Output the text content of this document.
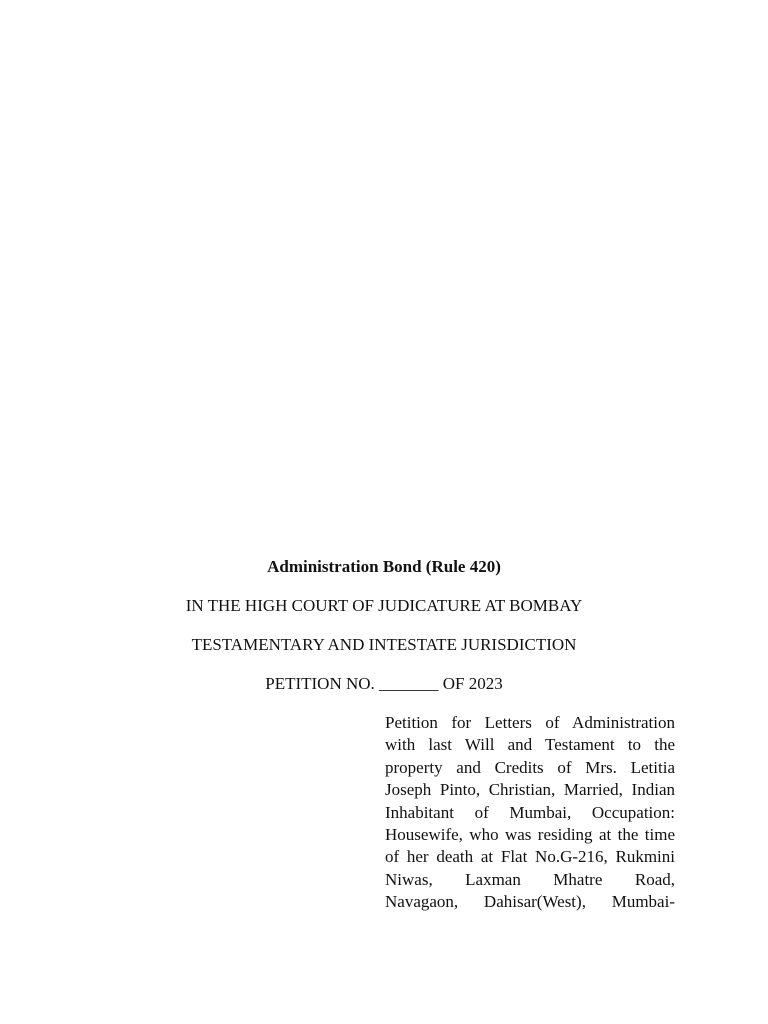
Administration Bond (Rule 420)
IN THE HIGH COURT OF JUDICATURE AT BOMBAY
TESTAMENTARY AND INTESTATE JURISDICTION
PETITION NO. _______ OF 2023
Petition for Letters of Administration
with last Will and Testament to the
property and Credits of Mrs. Letitia
Joseph Pinto, Christian, Married, Indian
Inhabitant of Mumbai, Occupation:
Housewife, who was residing at the time
of her death at Flat No.G-216, Rukmini
Niwas, Laxman Mhatre Road,
Navagaon, Dahisar(West), Mumbai-
